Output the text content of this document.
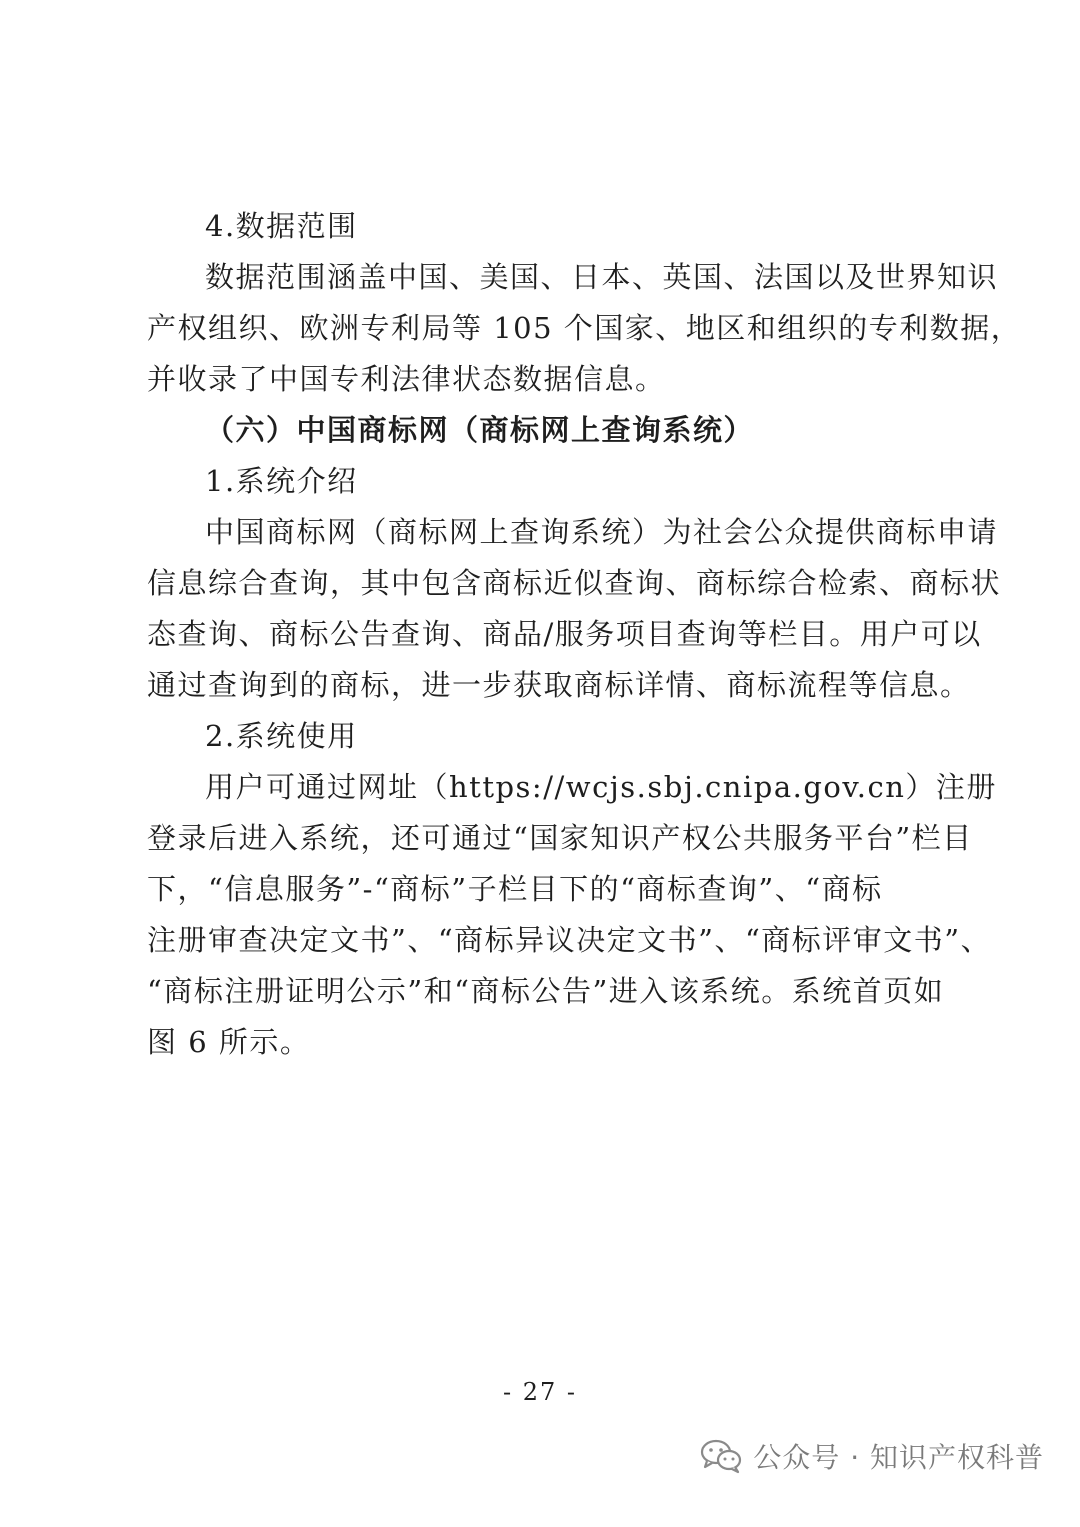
4.数据范围
数据范围涵盖中国、美国、日本、英国、法国以及世界知识
产权组织、欧洲专利局等 105 个国家、地区和组织的专利数据，
并收录了中国专利法律状态数据信息。
（六）中国商标网（商标网上查询系统）
1.系统介绍
中国商标网（商标网上查询系统）为社会公众提供商标申请
信息综合查询，其中包含商标近似查询、商标综合检索、商标状
态查询、商标公告查询、商品/服务项目查询等栏目。用户可以
通过查询到的商标，进一步获取商标详情、商标流程等信息。
2.系统使用
用户可通过网址（https://wcjs.sbj.cnipa.gov.cn）注册
登录后进入系统，还可通过“国家知识产权公共服务平台”栏目
下，“信息服务”-“商标”子栏目下的“商标查询”、“商标
注册审查决定文书”、“商标异议决定文书”、“商标评审文书”、
“商标注册证明公示”和“商标公告”进入该系统。系统首页如
图 6 所示。
- 27 -
公众号 · 知识产权科普
